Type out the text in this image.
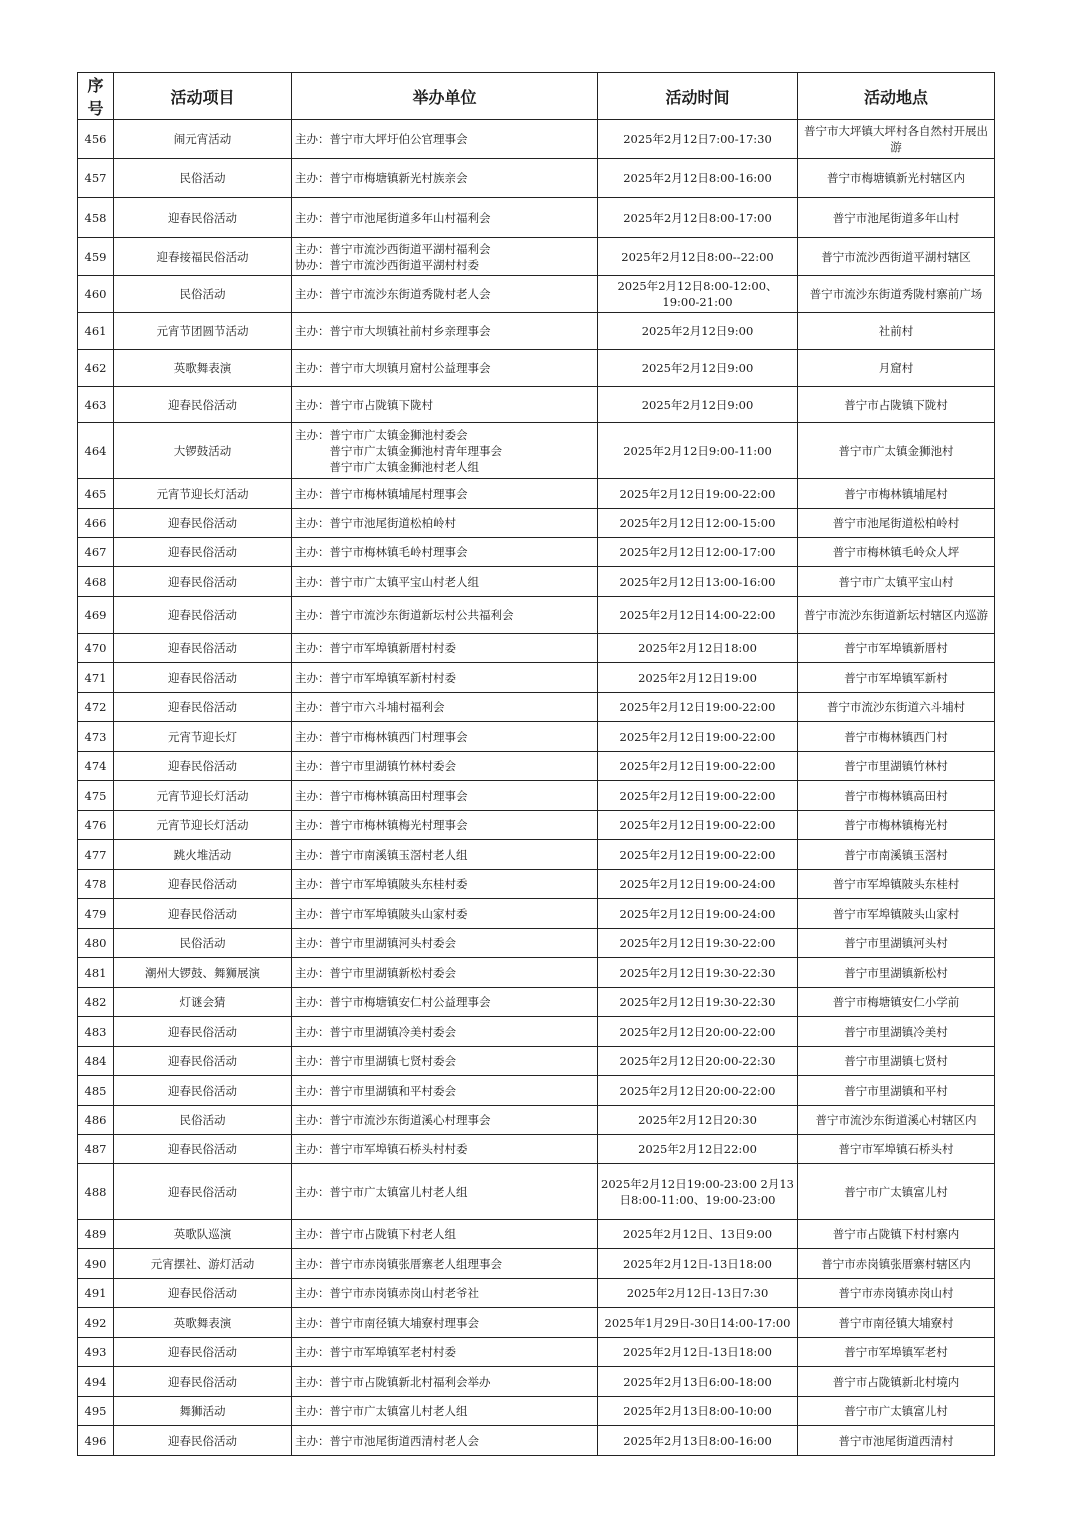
序号	活动项目	举办单位	活动时间	活动地点

456	闹元宵活动	主办：普宁市大坪圩伯公官理事会	2025年2月12日7:00-17:30	普宁市大坪镇大坪村各自然村开展出游

457	民俗活动	主办：普宁市梅塘镇新光村族亲会	2025年2月12日8:00-16:00	普宁市梅塘镇新光村辖区内

458	迎春民俗活动	主办：普宁市池尾街道多年山村福利会	2025年2月12日8:00-17:00	普宁市池尾街道多年山村

459	迎春接福民俗活动	主办：普宁市流沙西街道平湖村福利会
协办：普宁市流沙西街道平湖村村委	2025年2月12日8:00--22:00	普宁市流沙西街道平湖村辖区

460	民俗活动	主办：普宁市流沙东街道秀陇村老人会	2025年2月12日8:00-12:00、19:00-21:00	普宁市流沙东街道秀陇村寨前广场

461	元宵节团圆节活动	主办：普宁市大坝镇社前村乡亲理事会	2025年2月12日9:00	社前村

462	英歌舞表演	主办：普宁市大坝镇月窟村公益理事会	2025年2月12日9:00	月窟村

463	迎春民俗活动	主办：普宁市占陇镇下陇村	2025年2月12日9:00	普宁市占陇镇下陇村

464	大锣鼓活动	主办：普宁市广太镇金狮池村委会
　　　普宁市广太镇金狮池村青年理事会
　　　普宁市广太镇金狮池村老人组	2025年2月12日9:00-11:00	普宁市广太镇金狮池村

465	元宵节迎长灯活动	主办：普宁市梅林镇埔尾村理事会	2025年2月12日19:00-22:00	普宁市梅林镇埔尾村

466	迎春民俗活动	主办：普宁市池尾街道松柏岭村	2025年2月12日12:00-15:00	普宁市池尾街道松柏岭村

467	迎春民俗活动	主办：普宁市梅林镇毛岭村理事会	2025年2月12日12:00-17:00	普宁市梅林镇毛岭众人坪

468	迎春民俗活动	主办：普宁市广太镇平宝山村老人组	2025年2月12日13:00-16:00	普宁市广太镇平宝山村

469	迎春民俗活动	主办：普宁市流沙东街道新坛村公共福利会	2025年2月12日14:00-22:00	普宁市流沙东街道新坛村辖区内巡游

470	迎春民俗活动	主办：普宁市军埠镇新厝村村委	2025年2月12日18:00	普宁市军埠镇新厝村

471	迎春民俗活动	主办：普宁市军埠镇军新村村委	2025年2月12日19:00	普宁市军埠镇军新村

472	迎春民俗活动	主办：普宁市六斗埔村福利会	2025年2月12日19:00-22:00	普宁市流沙东街道六斗埔村

473	元宵节迎长灯	主办：普宁市梅林镇西门村理事会	2025年2月12日19:00-22:00	普宁市梅林镇西门村

474	迎春民俗活动	主办：普宁市里湖镇竹林村委会	2025年2月12日19:00-22:00	普宁市里湖镇竹林村

475	元宵节迎长灯活动	主办：普宁市梅林镇高田村理事会	2025年2月12日19:00-22:00	普宁市梅林镇高田村

476	元宵节迎长灯活动	主办：普宁市梅林镇梅光村理事会	2025年2月12日19:00-22:00	普宁市梅林镇梅光村

477	跳火堆活动	主办：普宁市南溪镇玉滘村老人组	2025年2月12日19:00-22:00	普宁市南溪镇玉滘村

478	迎春民俗活动	主办：普宁市军埠镇陂头东桂村委	2025年2月12日19:00-24:00	普宁市军埠镇陂头东桂村

479	迎春民俗活动	主办：普宁市军埠镇陂头山家村委	2025年2月12日19:00-24:00	普宁市军埠镇陂头山家村

480	民俗活动	主办：普宁市里湖镇河头村委会	2025年2月12日19:30-22:00	普宁市里湖镇河头村

481	潮州大锣鼓、舞狮展演	主办：普宁市里湖镇新松村委会	2025年2月12日19:30-22:30	普宁市里湖镇新松村

482	灯谜会猜	主办：普宁市梅塘镇安仁村公益理事会	2025年2月12日19:30-22:30	普宁市梅塘镇安仁小学前

483	迎春民俗活动	主办：普宁市里湖镇冷美村委会	2025年2月12日20:00-22:00	普宁市里湖镇冷美村

484	迎春民俗活动	主办：普宁市里湖镇七贤村委会	2025年2月12日20:00-22:30	普宁市里湖镇七贤村

485	迎春民俗活动	主办：普宁市里湖镇和平村委会	2025年2月12日20:00-22:00	普宁市里湖镇和平村

486	民俗活动	主办：普宁市流沙东街道溪心村理事会	2025年2月12日20:30	普宁市流沙东街道溪心村辖区内

487	迎春民俗活动	主办：普宁市军埠镇石桥头村村委	2025年2月12日22:00	普宁市军埠镇石桥头村

488	迎春民俗活动	主办：普宁市广太镇富儿村老人组	2025年2月12日19:00-23:00 2月13日8:00-11:00、19:00-23:00	普宁市广太镇富儿村

489	英歌队巡演	主办：普宁市占陇镇下村老人组	2025年2月12日、13日9:00	普宁市占陇镇下村村寨内

490	元宵摆社、游灯活动	主办：普宁市赤岗镇张厝寨老人组理事会	2025年2月12日-13日18:00	普宁市赤岗镇张厝寨村辖区内

491	迎春民俗活动	主办：普宁市赤岗镇赤岗山村老爷社	2025年2月12日-13日7:30	普宁市赤岗镇赤岗山村

492	英歌舞表演	主办：普宁市南径镇大埔寮村理事会	2025年1月29日-30日14:00-17:00	普宁市南径镇大埔寮村

493	迎春民俗活动	主办：普宁市军埠镇军老村村委	2025年2月12日-13日18:00	普宁市军埠镇军老村

494	迎春民俗活动	主办：普宁市占陇镇新北村福利会举办	2025年2月13日6:00-18:00	普宁市占陇镇新北村境内

495	舞狮活动	主办：普宁市广太镇富儿村老人组	2025年2月13日8:00-10:00	普宁市广太镇富儿村

496	迎春民俗活动	主办：普宁市池尾街道西清村老人会	2025年2月13日8:00-16:00	普宁市池尾街道西清村
